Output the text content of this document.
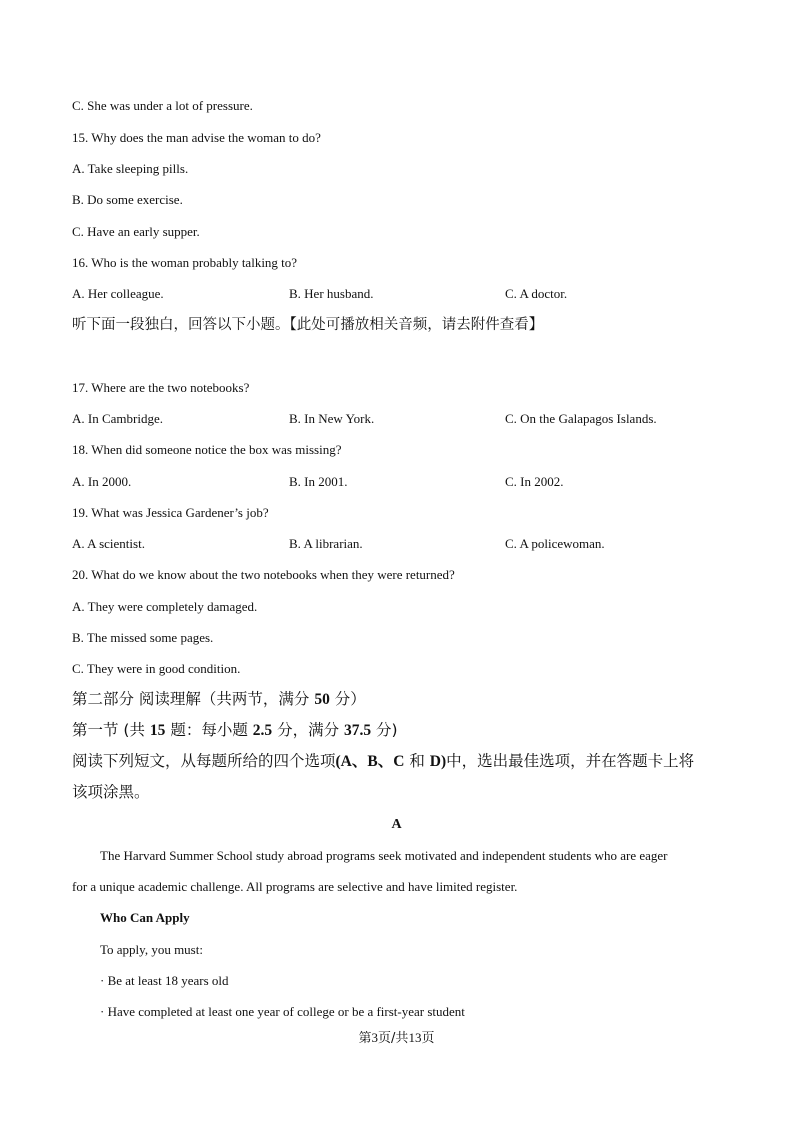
C. She was under a lot of pressure.
15. Why does the man advise the woman to do?
A. Take sleeping pills.
B. Do some exercise.
C. Have an early supper.
16. Who is the woman probably talking to?
A. Her colleague.	B. Her husband.	C. A doctor.
听下面一段独白，回答以下小题。【此处可播放相关音频，请去附件查看】
17. Where are the two notebooks?
A. In Cambridge.	B. In New York.	C. On the Galapagos Islands.
18. When did someone notice the box was missing?
A. In 2000.	B. In 2001.	C. In 2002.
19. What was Jessica Gardener’s job?
A. A scientist.	B. A librarian.	C. A policewoman.
20. What do we know about the two notebooks when they were returned?
A. They were completely damaged.
B. The missed some pages.
C. They were in good condition.
第二部分 阅读理解（共两节，满分 50 分）
第一节 (共 15 题：每小题 2.5 分，满分 37.5 分)
阅读下列短文，从每题所给的四个选项(A、B、C 和 D)中，选出最佳选项，并在答题卡上将
该项涂黑。
A
The Harvard Summer School study abroad programs seek motivated and independent students who are eager
for a unique academic challenge. All programs are selective and have limited register.
Who Can Apply
To apply, you must:
· Be at least 18 years old
· Have completed at least one year of college or be a first-year student
第3页/共13页
